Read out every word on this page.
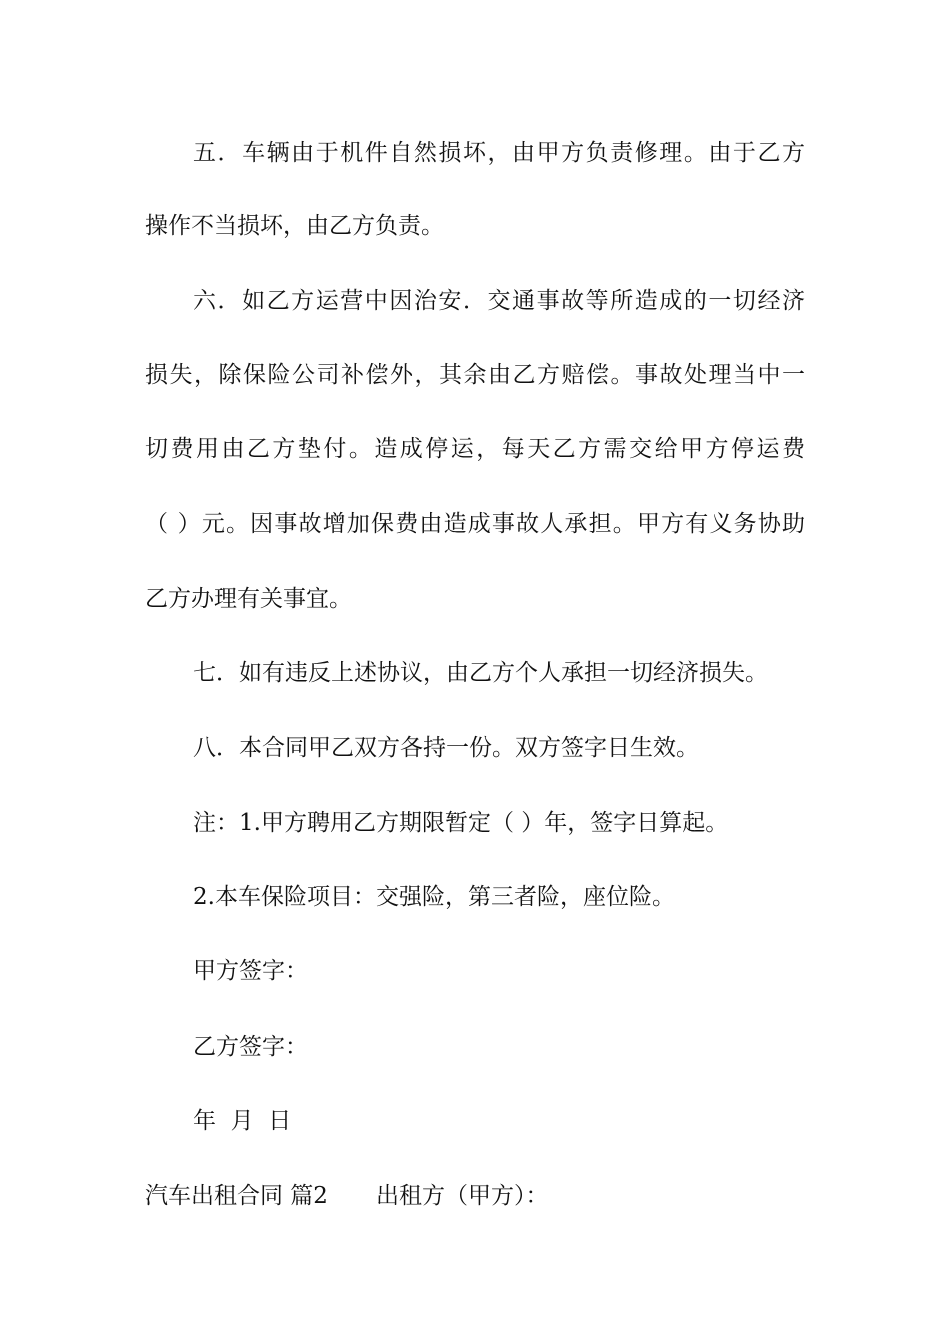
五．车辆由于机件自然损坏，由甲方负责修理。由于乙方
操作不当损坏，由乙方负责。
六．如乙方运营中因治安．交通事故等所造成的一切经济
损失，除保险公司补偿外，其余由乙方赔偿。事故处理当中一
切费用由乙方垫付。造成停运，每天乙方需交给甲方停运费
（ ）元。因事故增加保费由造成事故人承担。甲方有义务协助
乙方办理有关事宜。
七．如有违反上述协议，由乙方个人承担一切经济损失。
八．本合同甲乙双方各持一份。双方签字日生效。
注：1.甲方聘用乙方期限暂定（ ）年，签字日算起。
2.本车保险项目：交强险，第三者险，座位险。
甲方签字：
乙方签字：
年  月  日
汽车出租合同 篇2 出租方（甲方）：
